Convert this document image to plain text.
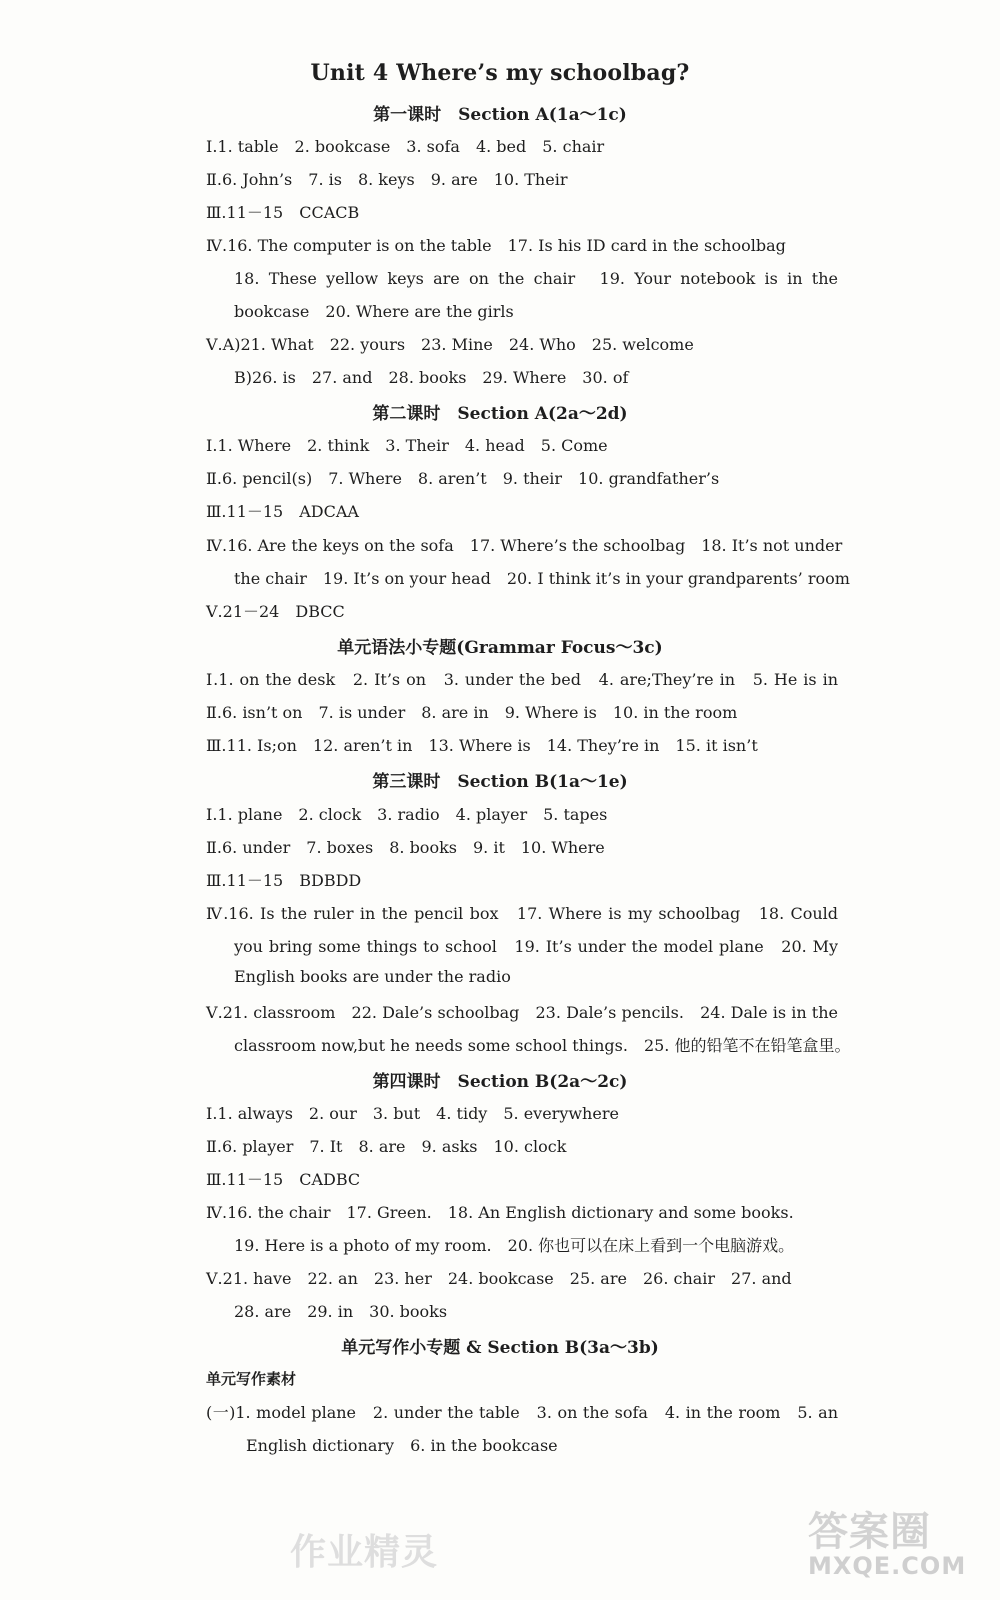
Unit 4 Where’s my schoolbag?
第一课时　Section A(1a～1c)
Ⅰ.1. table　2. bookcase　3. sofa　4. bed　5. chair
Ⅱ.6. John’s　7. is　8. keys　9. are　10. Their
Ⅲ.11－15　CCACB
Ⅳ.16. The computer is on the table　17. Is his ID card in the schoolbag
18. These yellow keys are on the chair　19. Your notebook is in the
bookcase　20. Where are the girls
Ⅴ.A)21. What　22. yours　23. Mine　24. Who　25. welcome
B)26. is　27. and　28. books　29. Where　30. of
第二课时　Section A(2a～2d)
Ⅰ.1. Where　2. think　3. Their　4. head　5. Come
Ⅱ.6. pencil(s)　7. Where　8. aren’t　9. their　10. grandfather’s
Ⅲ.11－15　ADCAA
Ⅳ.16. Are the keys on the sofa　17. Where’s the schoolbag　18. It’s not under
the chair　19. It’s on your head　20. I think it’s in your grandparents’ room
Ⅴ.21－24　DBCC
单元语法小专题(Grammar Focus～3c)
Ⅰ.1. on the desk　2. It’s on　3. under the bed　4. are;They’re in　5. He is in
Ⅱ.6. isn’t on　7. is under　8. are in　9. Where is　10. in the room
Ⅲ.11. Is;on　12. aren’t in　13. Where is　14. They’re in　15. it isn’t
第三课时　Section B(1a～1e)
Ⅰ.1. plane　2. clock　3. radio　4. player　5. tapes
Ⅱ.6. under　7. boxes　8. books　9. it　10. Where
Ⅲ.11－15　BDBDD
Ⅳ.16. Is the ruler in the pencil box　17. Where is my schoolbag　18. Could
you bring some things to school　19. It’s under the model plane　20. My
English books are under the radio
Ⅴ.21. classroom　22. Dale’s schoolbag　23. Dale’s pencils.　24. Dale is in the
classroom now,but he needs some school things.　25. 他的铅笔不在铅笔盒里。
第四课时　Section B(2a～2c)
Ⅰ.1. always　2. our　3. but　4. tidy　5. everywhere
Ⅱ.6. player　7. It　8. are　9. asks　10. clock
Ⅲ.11－15　CADBC
Ⅳ.16. the chair　17. Green.　18. An English dictionary and some books.
19. Here is a photo of my room.　20. 你也可以在床上看到一个电脑游戏。
Ⅴ.21. have　22. an　23. her　24. bookcase　25. are　26. chair　27. and
28. are　29. in　30. books
单元写作小专题 & Section B(3a～3b)
单元写作素材
(一)1. model plane　2. under the table　3. on the sofa　4. in the room　5. an
English dictionary　6. in the bookcase
答案圈
MXQE.COM
作业精灵
